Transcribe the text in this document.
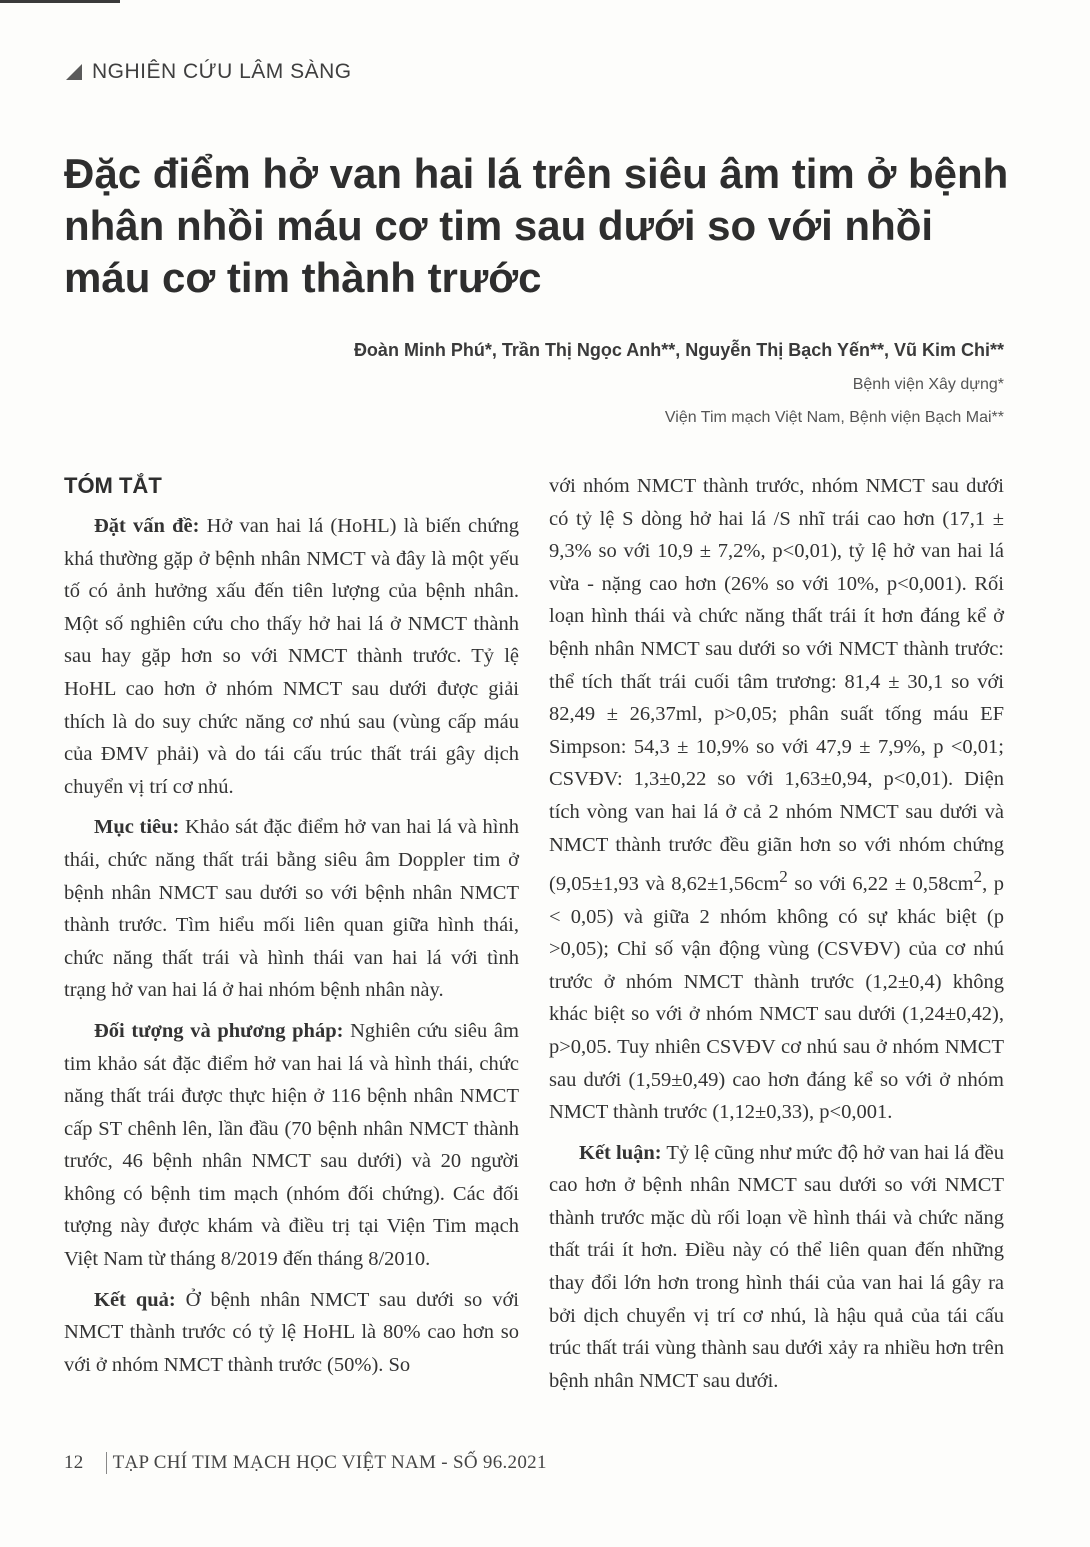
NGHIÊN CỨU LÂM SÀNG
Đặc điểm hở van hai lá trên siêu âm tim ở bệnh nhân nhồi máu cơ tim sau dưới so với nhồi máu cơ tim thành trước
Đoàn Minh Phú*, Trần Thị Ngọc Anh**, Nguyễn Thị Bạch Yến**, Vũ Kim Chi**
Bệnh viện Xây dựng*
Viện Tim mạch Việt Nam, Bệnh viện Bạch Mai**
TÓM TẮT

Đặt vấn đề: Hở van hai lá (HoHL) là biến chứng khá thường gặp ở bệnh nhân NMCT và đây là một yếu tố có ảnh hưởng xấu đến tiên lượng của bệnh nhân. Một số nghiên cứu cho thấy hở hai lá ở NMCT thành sau hay gặp hơn so với NMCT thành trước. Tỷ lệ HoHL cao hơn ở nhóm NMCT sau dưới được giải thích là do suy chức năng cơ nhú sau (vùng cấp máu của ĐMV phải) và do tái cấu trúc thất trái gây dịch chuyển vị trí cơ nhú.

Mục tiêu: Khảo sát đặc điểm hở van hai lá và hình thái, chức năng thất trái bằng siêu âm Doppler tim ở bệnh nhân NMCT sau dưới so với bệnh nhân NMCT thành trước. Tìm hiểu mối liên quan giữa hình thái, chức năng thất trái và hình thái van hai lá với tình trạng hở van hai lá ở hai nhóm bệnh nhân này.

Đối tượng và phương pháp: Nghiên cứu siêu âm tim khảo sát đặc điểm hở van hai lá và hình thái, chức năng thất trái được thực hiện ở 116 bệnh nhân NMCT cấp ST chênh lên, lần đầu (70 bệnh nhân NMCT thành trước, 46 bệnh nhân NMCT sau dưới) và 20 người không có bệnh tim mạch (nhóm đối chứng). Các đối tượng này được khám và điều trị tại Viện Tim mạch Việt Nam từ tháng 8/2019 đến tháng 8/2010.

Kết quả: Ở bệnh nhân NMCT sau dưới so với NMCT thành trước có tỷ lệ HoHL là 80% cao hơn so với ở nhóm NMCT thành trước (50%). So

với nhóm NMCT thành trước, nhóm NMCT sau dưới có tỷ lệ S dòng hở hai lá /S nhĩ trái cao hơn (17,1 ± 9,3% so với 10,9 ± 7,2%, p<0,01), tỷ lệ hở van hai lá vừa - nặng cao hơn (26% so với 10%, p<0,001). Rối loạn hình thái và chức năng thất trái ít hơn đáng kể ở bệnh nhân NMCT sau dưới so với NMCT thành trước: thể tích thất trái cuối tâm trương: 81,4 ± 30,1 so với 82,49 ± 26,37ml, p>0,05; phân suất tống máu EF Simpson: 54,3 ± 10,9% so với 47,9 ± 7,9%, p <0,01; CSVĐV: 1,3±0,22 so với 1,63±0,94, p<0,01). Diện tích vòng van hai lá ở cả 2 nhóm NMCT sau dưới và NMCT thành trước đều giãn hơn so với nhóm chứng (9,05±1,93 và $8,62\pm 1,56cm^2$ so với $6,22 \pm 0,58cm^2$, p < 0,05) và giữa 2 nhóm không có sự khác biệt (p >0,05); Chỉ số vận động vùng (CSVĐV) của cơ nhú trước ở nhóm NMCT thành trước (1,2±0,4) không khác biệt so với ở nhóm NMCT sau dưới (1,24±0,42), p>0,05. Tuy nhiên CSVĐV cơ nhú sau ở nhóm NMCT sau dưới (1,59±0,49) cao hơn đáng kể so với ở nhóm NMCT thành trước (1,12±0,33), p<0,001.

Kết luận: Tỷ lệ cũng như mức độ hở van hai lá đều cao hơn ở bệnh nhân NMCT sau dưới so với NMCT thành trước mặc dù rối loạn về hình thái và chức năng thất trái ít hơn. Điều này có thể liên quan đến những thay đổi lớn hơn trong hình thái của van hai lá gây ra bởi dịch chuyển vị trí cơ nhú, là hậu quả của tái cấu trúc thất trái vùng thành sau dưới xảy ra nhiều hơn trên bệnh nhân NMCT sau dưới.

12 TẠP CHÍ TIM MẠCH HỌC VIỆT NAM - SỐ 96.2021
